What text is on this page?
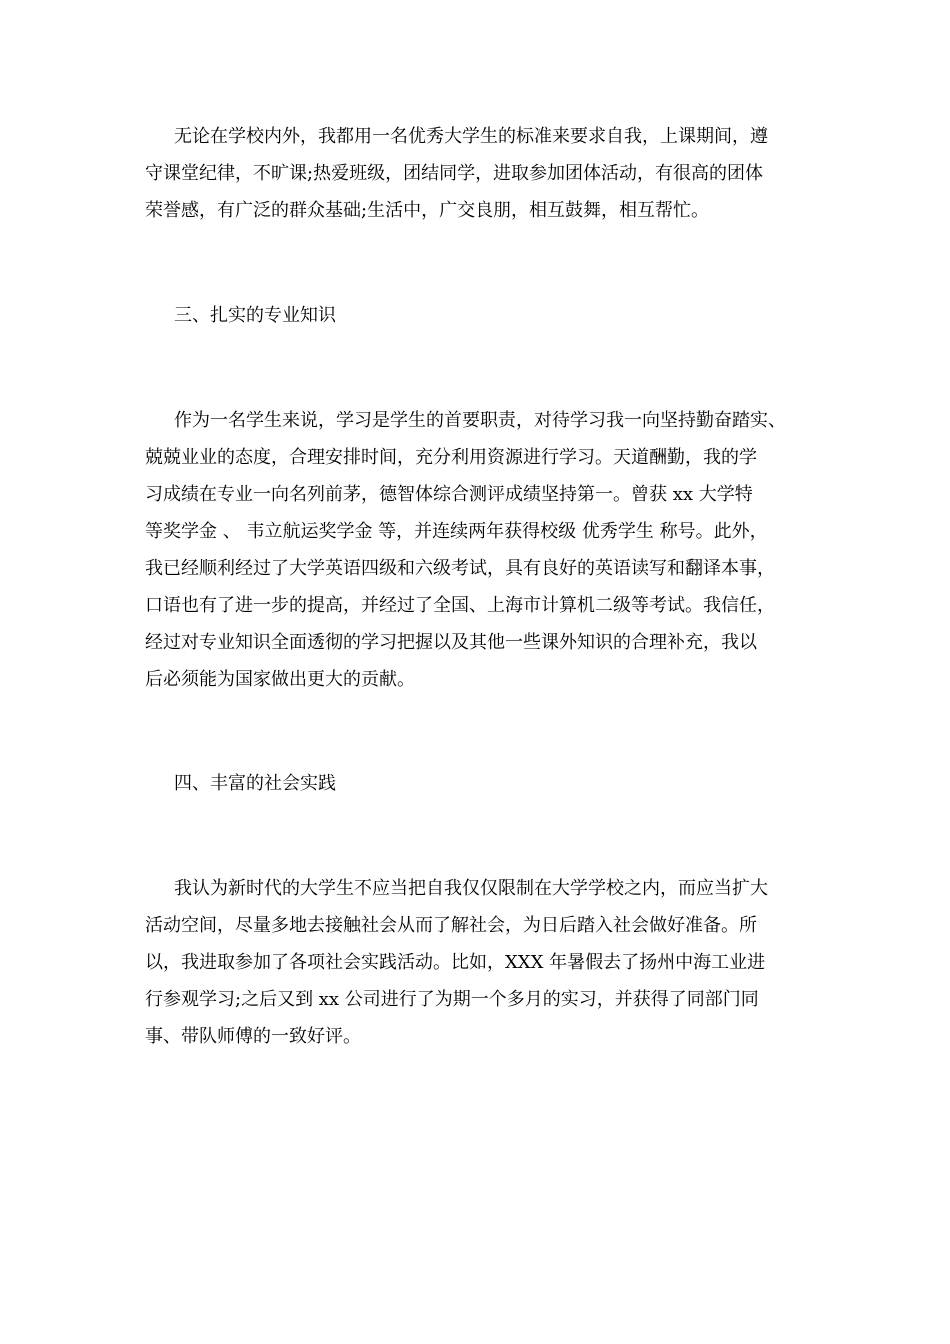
无论在学校内外，我都用一名优秀大学生的标准来要求自我，上课期间，遵

守课堂纪律，不旷课;热爱班级，团结同学，进取参加团体活动，有很高的团体

荣誉感，有广泛的群众基础;生活中，广交良朋，相互鼓舞，相互帮忙。

三、扎实的专业知识

作为一名学生来说，学习是学生的首要职责，对待学习我一向坚持勤奋踏实、

兢兢业业的态度，合理安排时间，充分利用资源进行学习。天道酬勤，我的学

习成绩在专业一向名列前茅，德智体综合测评成绩坚持第一。曾获 xx 大学特

等奖学金 、 韦立航运奖学金 等，并连续两年获得校级 优秀学生 称号。此外，

我已经顺利经过了大学英语四级和六级考试，具有良好的英语读写和翻译本事，

口语也有了进一步的提高，并经过了全国、上海市计算机二级等考试。我信任，

经过对专业知识全面透彻的学习把握以及其他一些课外知识的合理补充，我以

后必须能为国家做出更大的贡献。

四、丰富的社会实践

我认为新时代的大学生不应当把自我仅仅限制在大学学校之内，而应当扩大

活动空间，尽量多地去接触社会从而了解社会，为日后踏入社会做好准备。所

以，我进取参加了各项社会实践活动。比如，XXX 年暑假去了扬州中海工业进

行参观学习;之后又到 xx 公司进行了为期一个多月的实习，并获得了同部门同

事、带队师傅的一致好评。
